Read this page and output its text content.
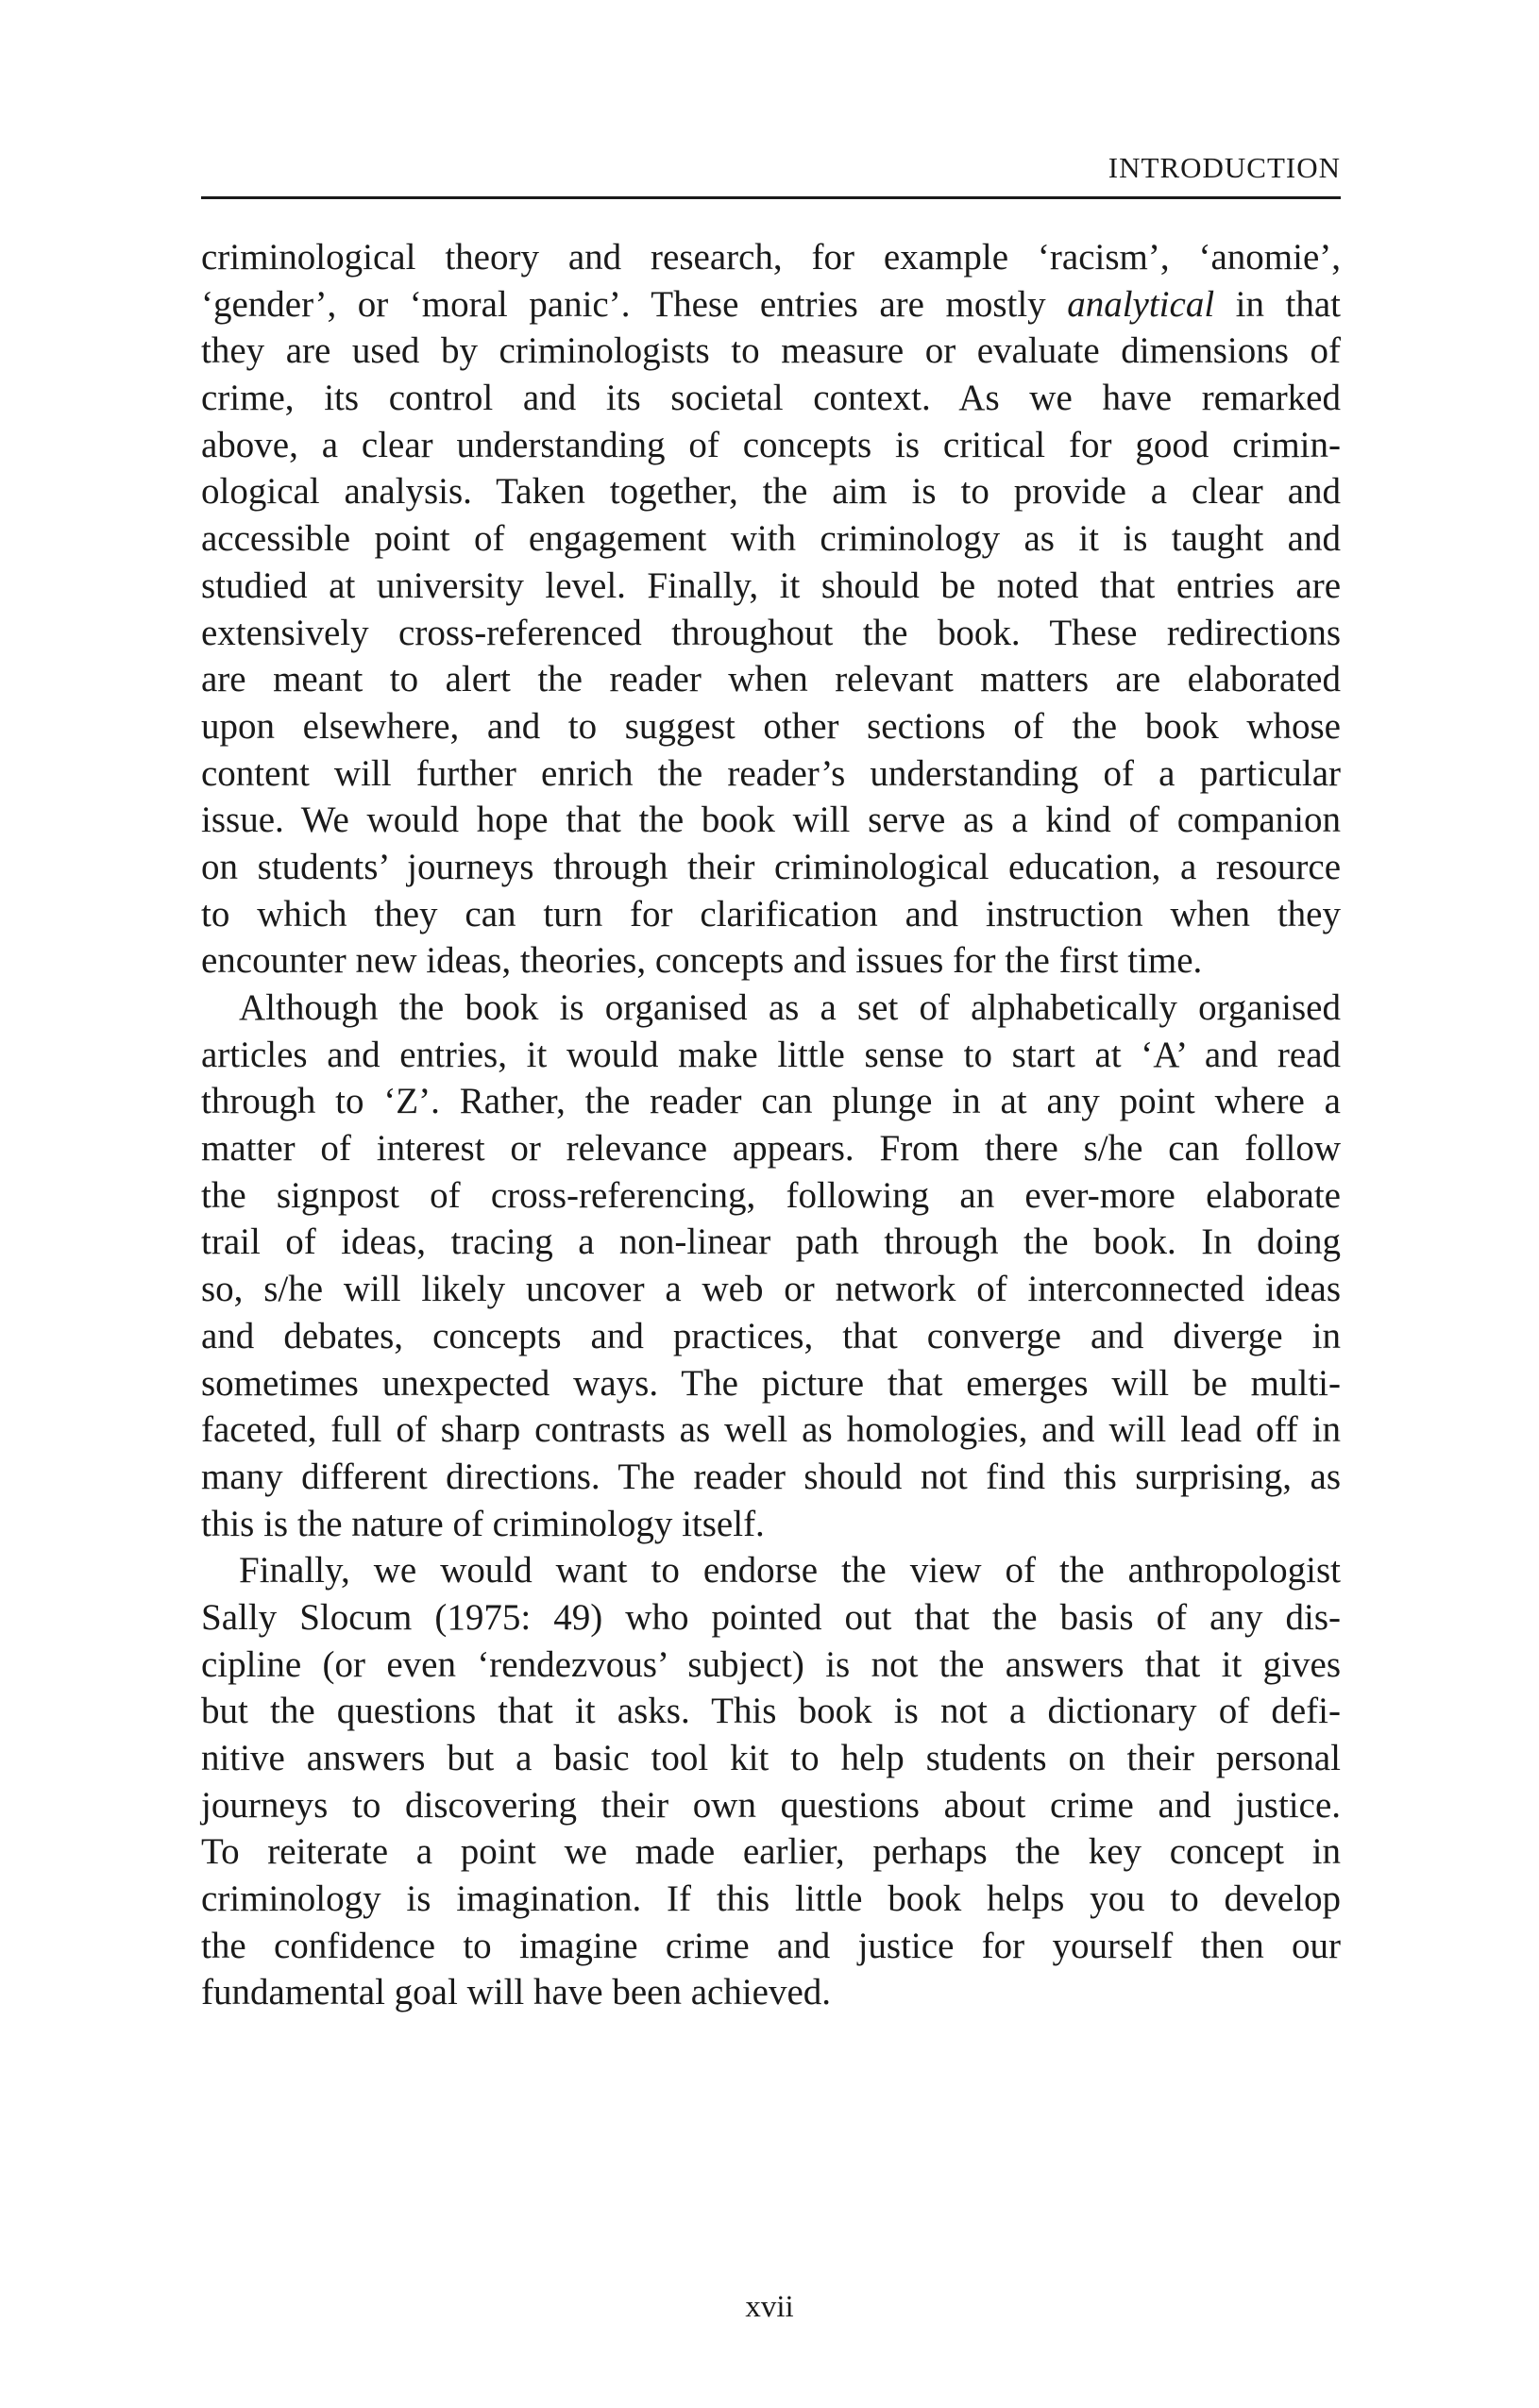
INTRODUCTION
criminological theory and research, for example ‘racism’, ‘anomie’,
‘gender’, or ‘moral panic’. These entries are mostly analytical in that
they are used by criminologists to measure or evaluate dimensions of
crime, its control and its societal context. As we have remarked
above, a clear understanding of concepts is critical for good crimin-
ological analysis. Taken together, the aim is to provide a clear and
accessible point of engagement with criminology as it is taught and
studied at university level. Finally, it should be noted that entries are
extensively cross-referenced throughout the book. These redirections
are meant to alert the reader when relevant matters are elaborated
upon elsewhere, and to suggest other sections of the book whose
content will further enrich the reader’s understanding of a particular
issue. We would hope that the book will serve as a kind of companion
on students’ journeys through their criminological education, a resource
to which they can turn for clarification and instruction when they
encounter new ideas, theories, concepts and issues for the first time.
Although the book is organised as a set of alphabetically organised
articles and entries, it would make little sense to start at ‘A’ and read
through to ‘Z’. Rather, the reader can plunge in at any point where a
matter of interest or relevance appears. From there s/he can follow
the signpost of cross-referencing, following an ever-more elaborate
trail of ideas, tracing a non-linear path through the book. In doing
so, s/he will likely uncover a web or network of interconnected ideas
and debates, concepts and practices, that converge and diverge in
sometimes unexpected ways. The picture that emerges will be multi-
faceted, full of sharp contrasts as well as homologies, and will lead off in
many different directions. The reader should not find this surprising, as
this is the nature of criminology itself.
Finally, we would want to endorse the view of the anthropologist
Sally Slocum (1975: 49) who pointed out that the basis of any dis-
cipline (or even ‘rendezvous’ subject) is not the answers that it gives
but the questions that it asks. This book is not a dictionary of defi-
nitive answers but a basic tool kit to help students on their personal
journeys to discovering their own questions about crime and justice.
To reiterate a point we made earlier, perhaps the key concept in
criminology is imagination. If this little book helps you to develop
the confidence to imagine crime and justice for yourself then our
fundamental goal will have been achieved.
xvii
